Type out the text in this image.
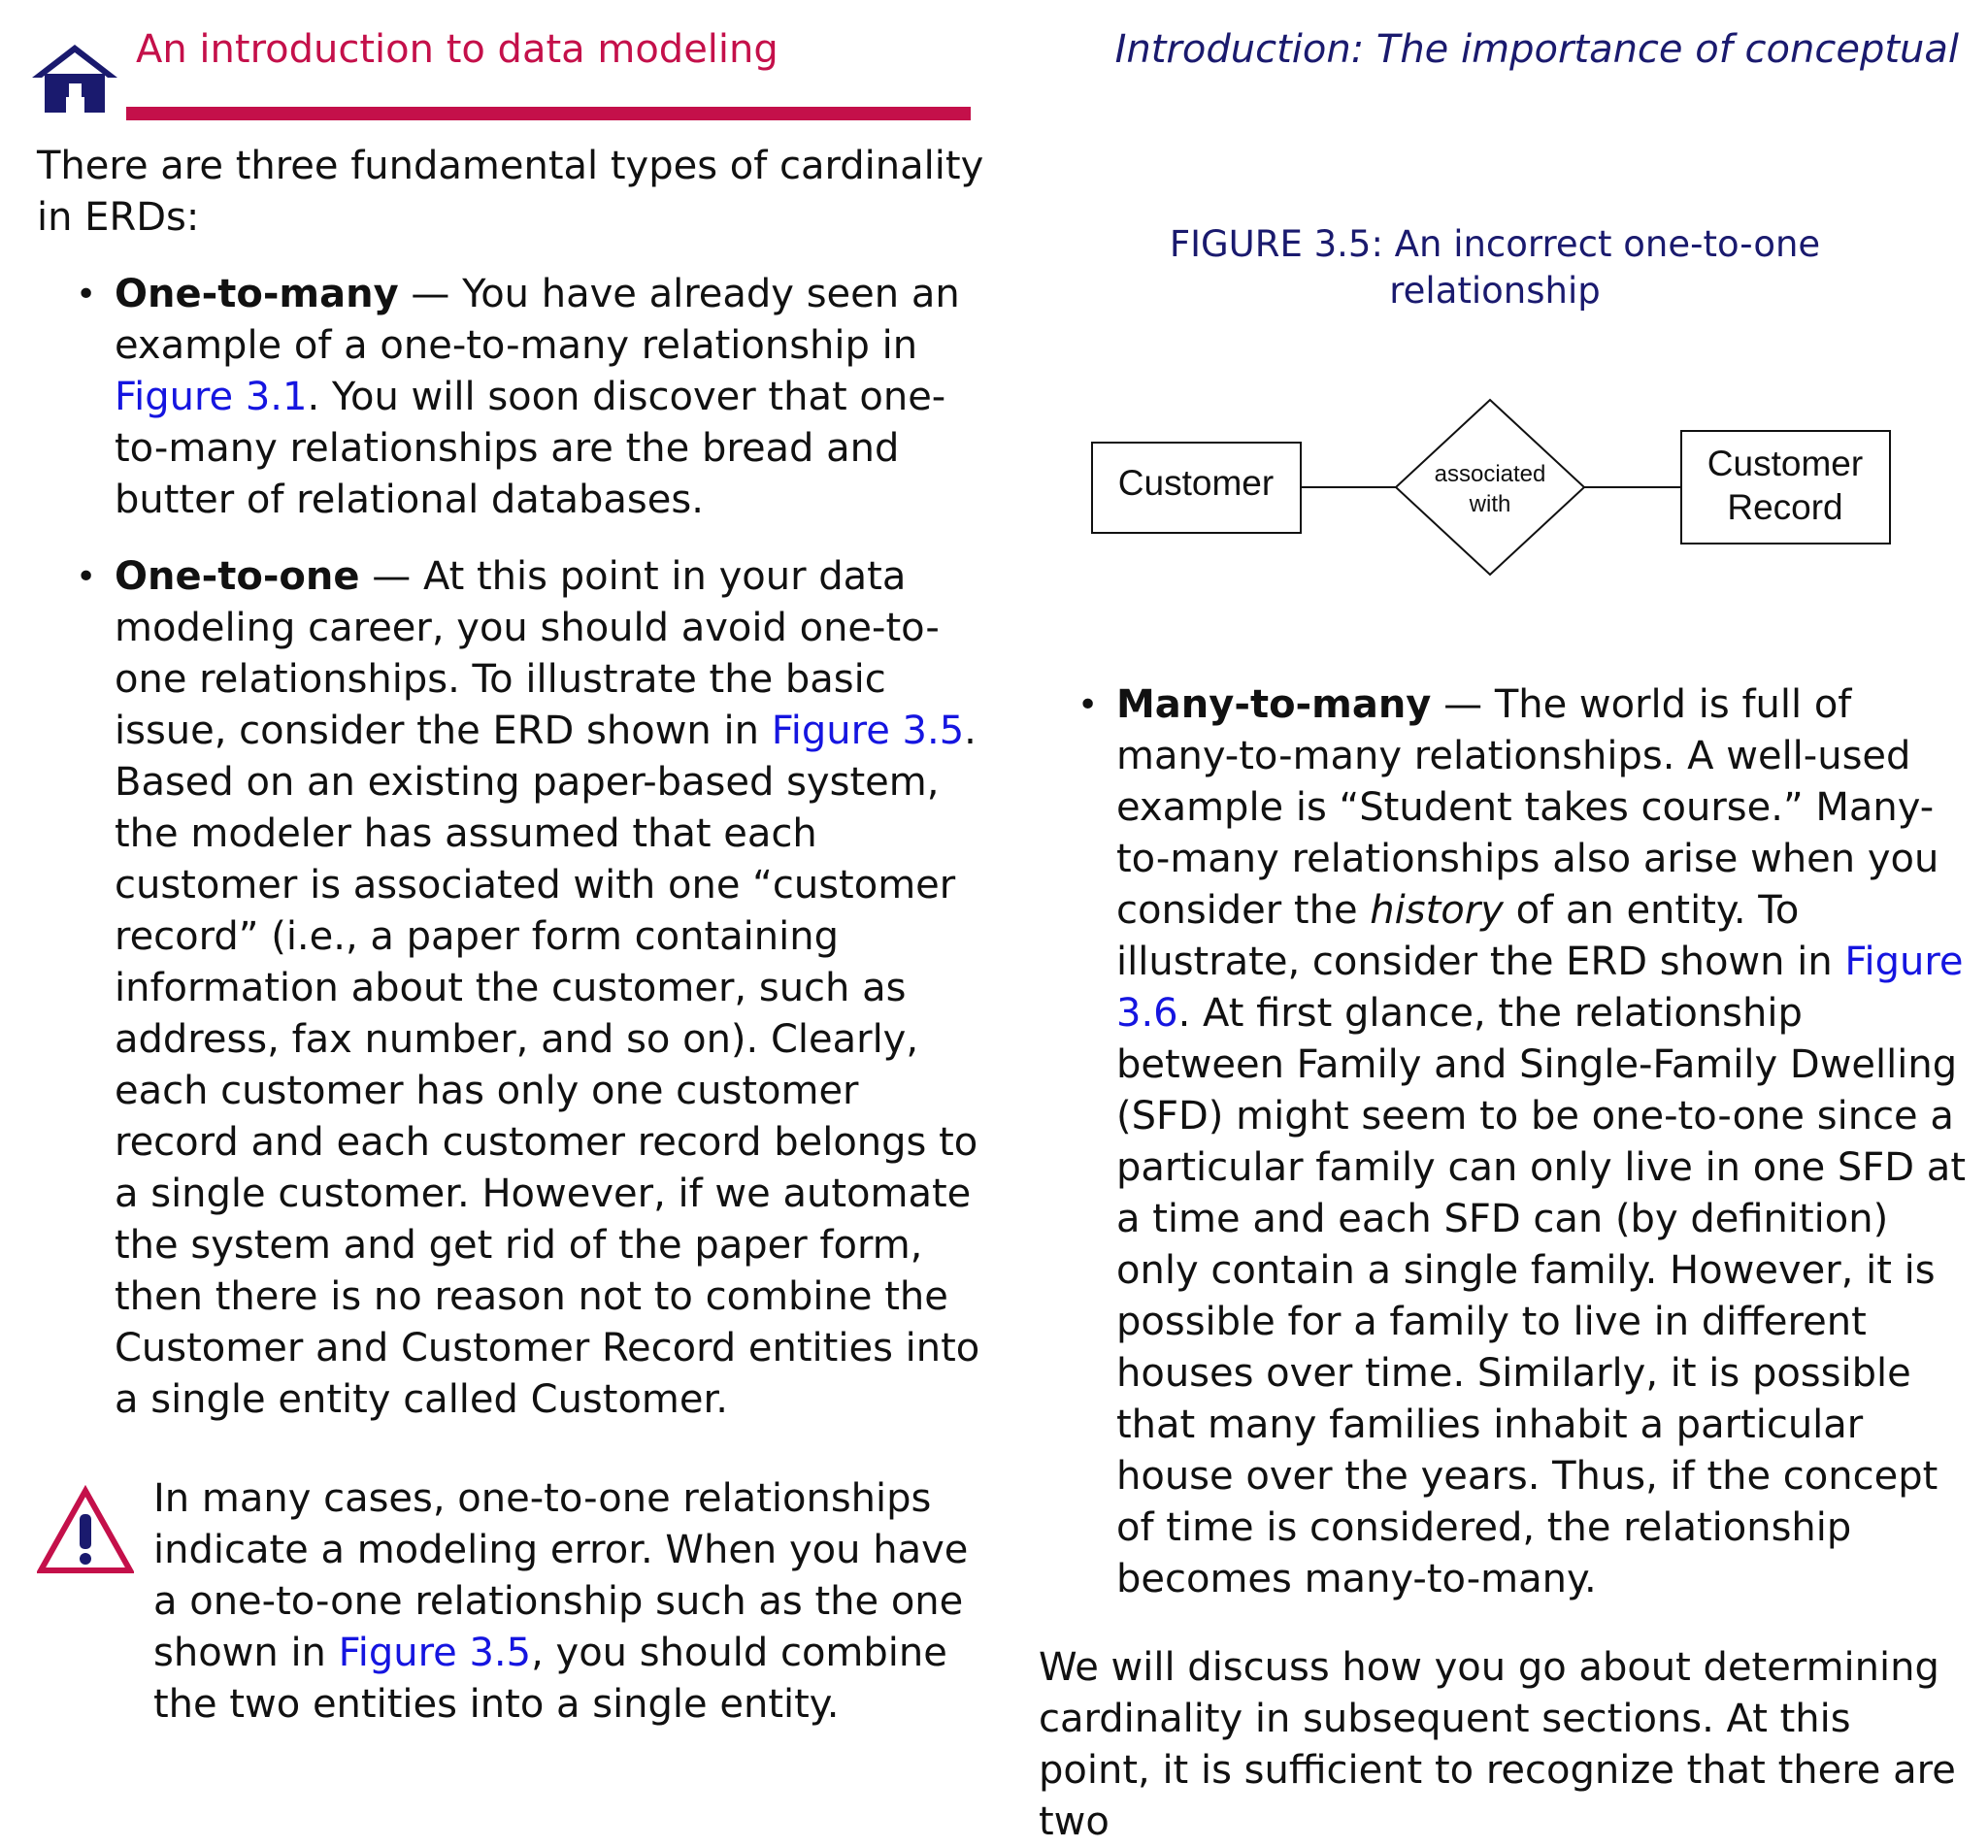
An introduction to data modeling	Introduction: The importance of conceptual

There are three fundamental types of cardinality in ERDs:

• One-to-many — You have already seen an example of a one-to-many relationship in Figure 3.1. You will soon discover that one-to-many relationships are the bread and butter of relational databases.
• One-to-one — At this point in your data modeling career, you should avoid one-to-one relationships. To illustrate the basic issue, consider the ERD shown in Figure 3.5. Based on an existing paper-based system, the modeler has assumed that each customer is associated with one “customer record” (i.e., a paper form containing information about the customer, such as address, fax number, and so on). Clearly, each customer has only one customer record and each customer record belongs to a single customer. However, if we automate the system and get rid of the paper form, then there is no reason not to combine the Customer and Customer Record entities into a single entity called Customer.
In many cases, one-to-one relationships indicate a modeling error. When you have a one-to-one relationship such as the one shown in Figure 3.5, you should combine the two entities into a single entity.
FIGURE 3.5: An incorrect one-to-one relationship
Customer	associated
with
Customer
Record
• Many-to-many — The world is full of many-to-many relationships. A well-used example is “Student takes course.” Many-to-many relationships also arise when you consider the history of an entity. To illustrate, consider the ERD shown in Figure 3.6. At first glance, the relationship between Family and Single-Family Dwelling (SFD) might seem to be one-to-one since a particular family can only live in one SFD at a time and each SFD can (by definition) only contain a single family. However, it is possible for a family to live in different houses over time. Similarly, it is possible that many families inhabit a particular house over the years. Thus, if the concept of time is considered, the relationship becomes many-to-many.
We will discuss how you go about determining cardinality in subsequent sections. At this point, it is sufficient to recognize that there are two
